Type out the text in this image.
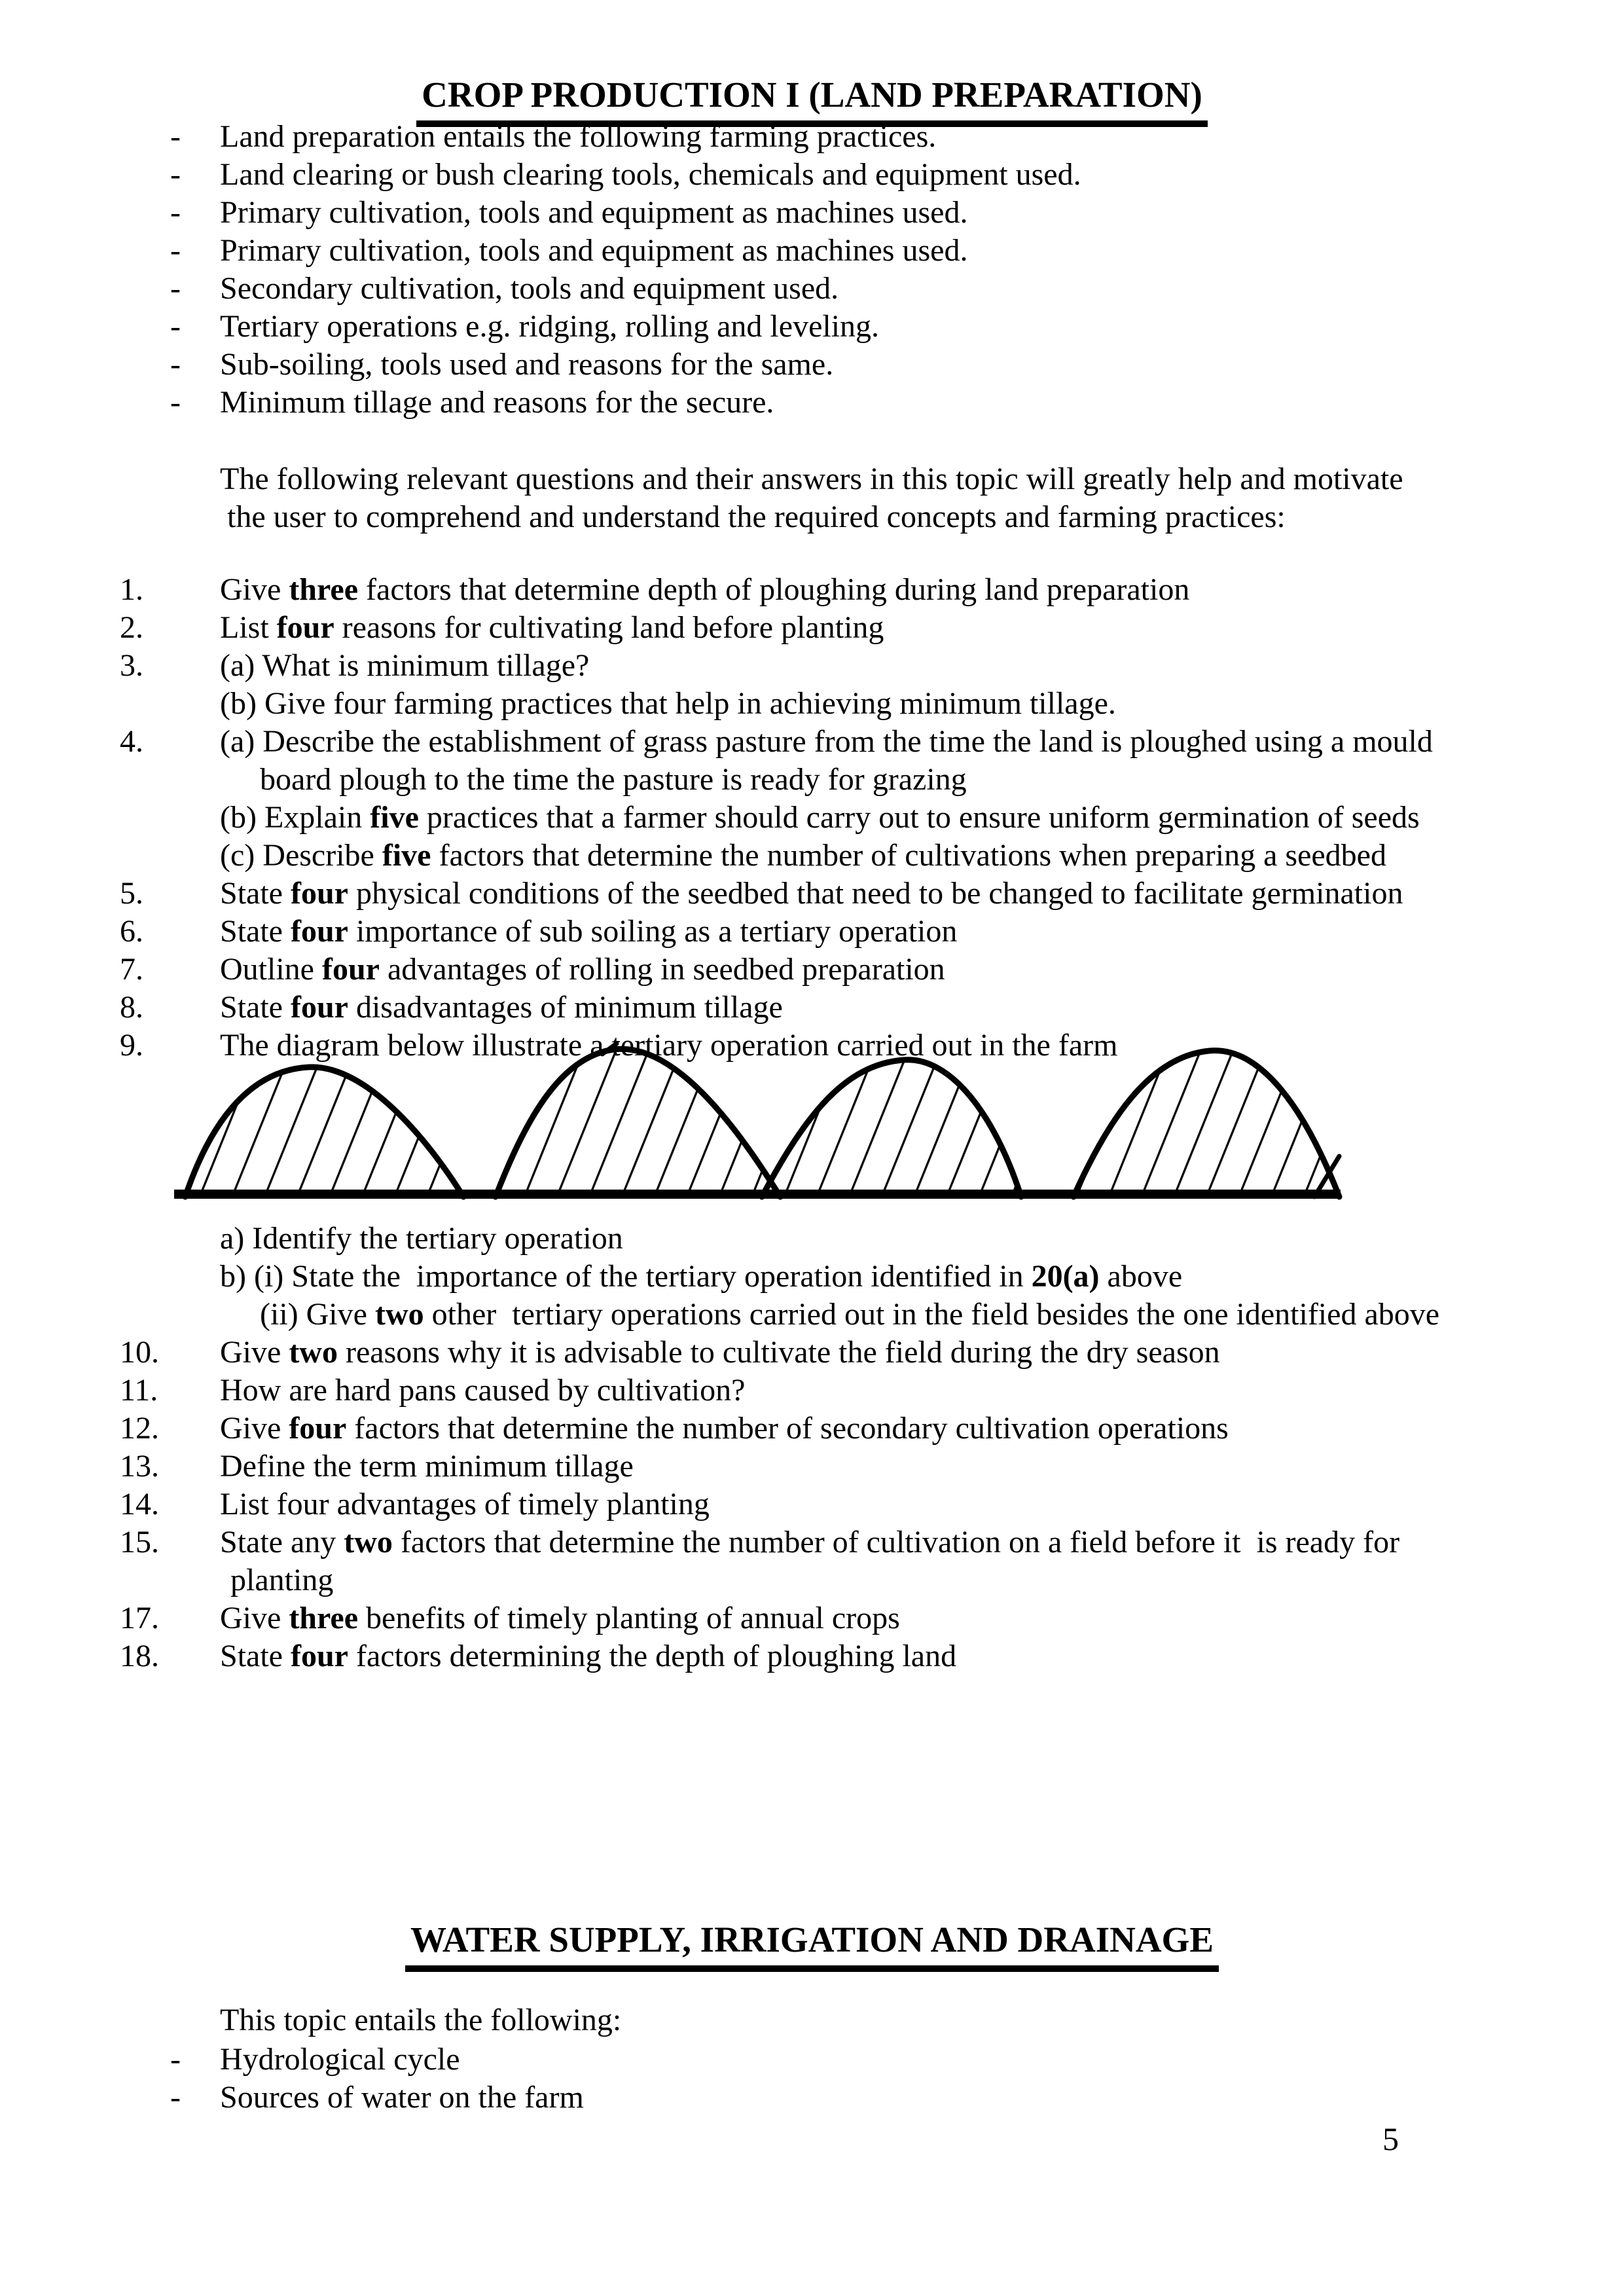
CROP PRODUCTION I (LAND PREPARATION)
- Land preparation entails the following farming practices.
- Land clearing or bush clearing tools, chemicals and equipment used.
- Primary cultivation, tools and equipment as machines used.
- Primary cultivation, tools and equipment as machines used.
- Secondary cultivation, tools and equipment used.
- Tertiary operations e.g. ridging, rolling and leveling.
- Sub-soiling, tools used and reasons for the same.
- Minimum tillage and reasons for the secure.
The following relevant questions and their answers in this topic will greatly help and motivate
the user to comprehend and understand the required concepts and farming practices:
1. Give three factors that determine depth of ploughing during land preparation
2. List four reasons for cultivating land before planting
3. (a) What is minimum tillage?
(b) Give four farming practices that help in achieving minimum tillage.
4. (a) Describe the establishment of grass pasture from the time the land is ploughed using a mould
board plough to the time the pasture is ready for grazing
(b) Explain five practices that a farmer should carry out to ensure uniform germination of seeds
(c) Describe five factors that determine the number of cultivations when preparing a seedbed
5. State four physical conditions of the seedbed that need to be changed to facilitate germination
6. State four importance of sub soiling as a tertiary operation
7. Outline four advantages of rolling in seedbed preparation
8. State four disadvantages of minimum tillage
9. The diagram below illustrate a tertiary operation carried out in the farm
a) Identify the tertiary operation
b) (i) State the  importance of the tertiary operation identified in 20(a) above
(ii) Give two other  tertiary operations carried out in the field besides the one identified above
10. Give two reasons why it is advisable to cultivate the field during the dry season
11. How are hard pans caused by cultivation?
12. Give four factors that determine the number of secondary cultivation operations
13. Define the term minimum tillage
14. List four advantages of timely planting
15. State any two factors that determine the number of cultivation on a field before it  is ready for
planting
17. Give three benefits of timely planting of annual crops
18. State four factors determining the depth of ploughing land
WATER SUPPLY, IRRIGATION AND DRAINAGE
This topic entails the following:
- Hydrological cycle
- Sources of water on the farm
5
